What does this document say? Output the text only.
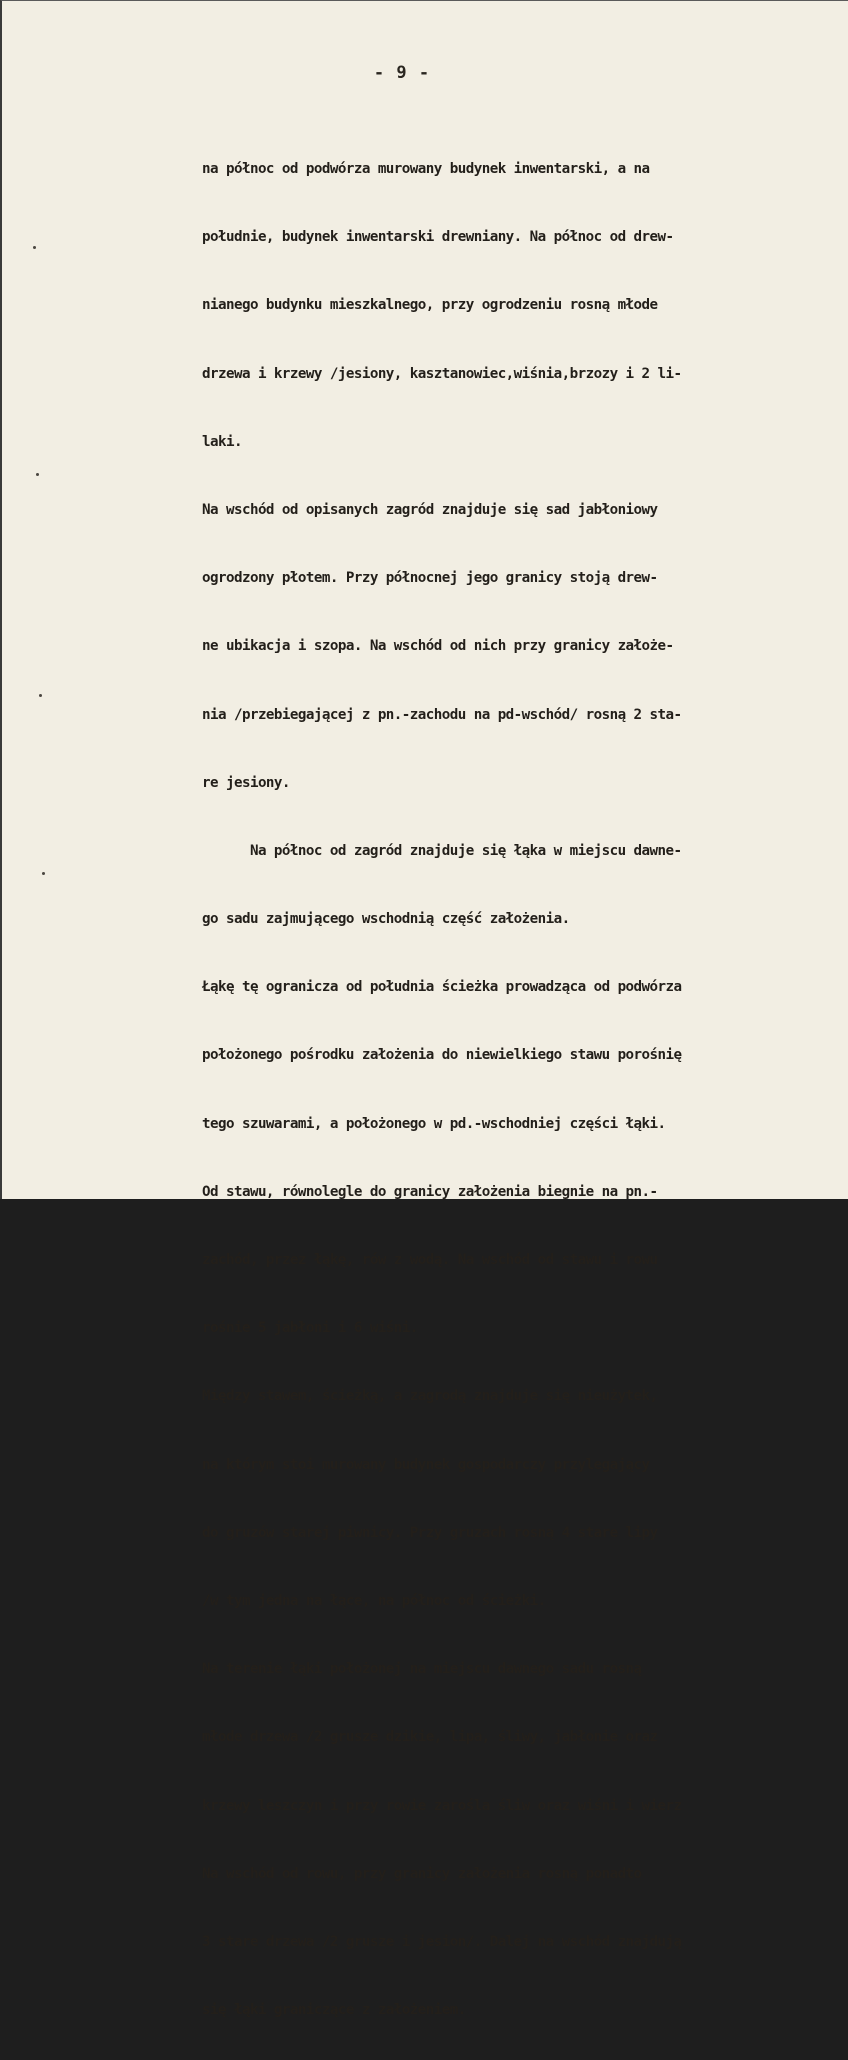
- 9 -

na północ od podwórza murowany budynek inwentarski, a na

południe, budynek inwentarski drewniany. Na północ od drew-

nianego budynku mieszkalnego, przy ogrodzeniu rosną młode

drzewa i krzewy /jesiony, kasztanowiec,wiśnia,brzozy i 2 li-

laki.

Na wschód od opisanych zagród znajduje się sad jabłoniowy

ogrodzony płotem. Przy północnej jego granicy stoją drew-

ne ubikacja i szopa. Na wschód od nich przy granicy założe-

nia /przebiegającej z pn.-zachodu na pd-wschód/ rosną 2 sta-

re jesiony.

Na północ od zagród znajduje się łąka w miejscu dawne-

go sadu zajmującego wschodnią część założenia.

Łąkę tę ogranicza od południa ścieżka prowadząca od podwórza

położonego pośrodku założenia do niewielkiego stawu porośnię

tego szuwarami, a położonego w pd.-wschodniej części łąki.

Od stawu, równolegle do granicy założenia biegnie na pn.-

zachód, przez łąkę, rów z wodą. Na wschód od stawu i rowu

rośnie 5 jabłoni i 6 wiśni.

Między stawem, ścieżką, a zagrodą znajduje się nieużytek,

na którym stoi murowany budynek gospodarczy przylegający

do gruzów starej piwnicy. Przy gruzach rosną 4 stare lipy

/w tym jedna na łące, na północ od ścieżki.

Na terenie łąki położonej na miejscu dawnego sadu rosną

młode drzewa /2 grusze dzikie, lipa, śliwy, jabłonie oraz

krzewy leszczyn i przy rowie zarośla śliw oraz wiśni i wierz

Na wschód od rowu, przy granicy założenia rosną ponadto

3 stare drzewa /2 grusze i jesion/. Dalej na wschód znajdują

się łąki graniczące z założeniem.
